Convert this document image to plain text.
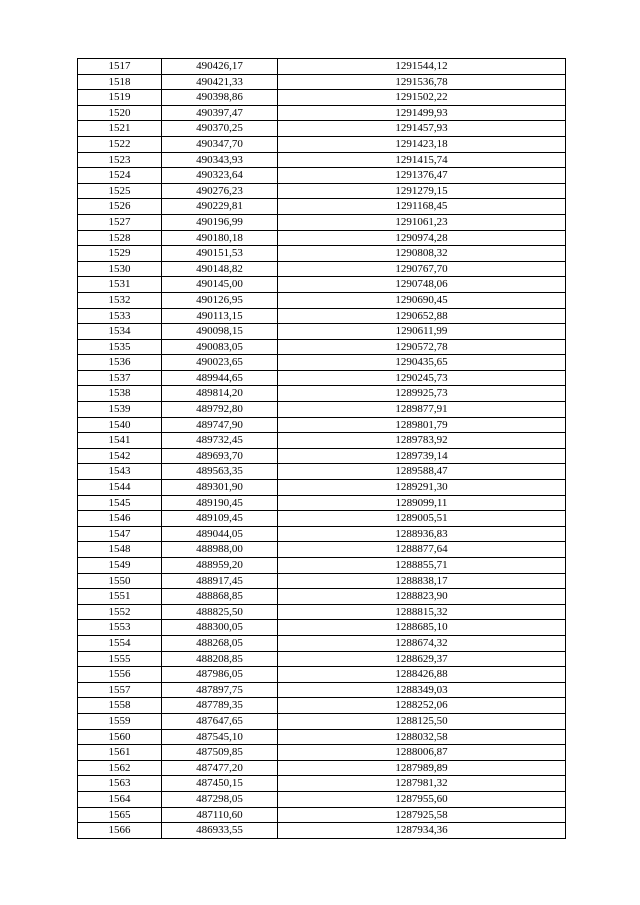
1517	490426,17	1291544,12
1518	490421,33	1291536,78
1519	490398,86	1291502,22
1520	490397,47	1291499,93
1521	490370,25	1291457,93
1522	490347,70	1291423,18
1523	490343,93	1291415,74
1524	490323,64	1291376,47
1525	490276,23	1291279,15
1526	490229,81	1291168,45
1527	490196,99	1291061,23
1528	490180,18	1290974,28
1529	490151,53	1290808,32
1530	490148,82	1290767,70
1531	490145,00	1290748,06
1532	490126,95	1290690,45
1533	490113,15	1290652,88
1534	490098,15	1290611,99
1535	490083,05	1290572,78
1536	490023,65	1290435,65
1537	489944,65	1290245,73
1538	489814,20	1289925,73
1539	489792,80	1289877,91
1540	489747,90	1289801,79
1541	489732,45	1289783,92
1542	489693,70	1289739,14
1543	489563,35	1289588,47
1544	489301,90	1289291,30
1545	489190,45	1289099,11
1546	489109,45	1289005,51
1547	489044,05	1288936,83
1548	488988,00	1288877,64
1549	488959,20	1288855,71
1550	488917,45	1288838,17
1551	488868,85	1288823,90
1552	488825,50	1288815,32
1553	488300,05	1288685,10
1554	488268,05	1288674,32
1555	488208,85	1288629,37
1556	487986,05	1288426,88
1557	487897,75	1288349,03
1558	487789,35	1288252,06
1559	487647,65	1288125,50
1560	487545,10	1288032,58
1561	487509,85	1288006,87
1562	487477,20	1287989,89
1563	487450,15	1287981,32
1564	487298,05	1287955,60
1565	487110,60	1287925,58
1566	486933,55	1287934,36
